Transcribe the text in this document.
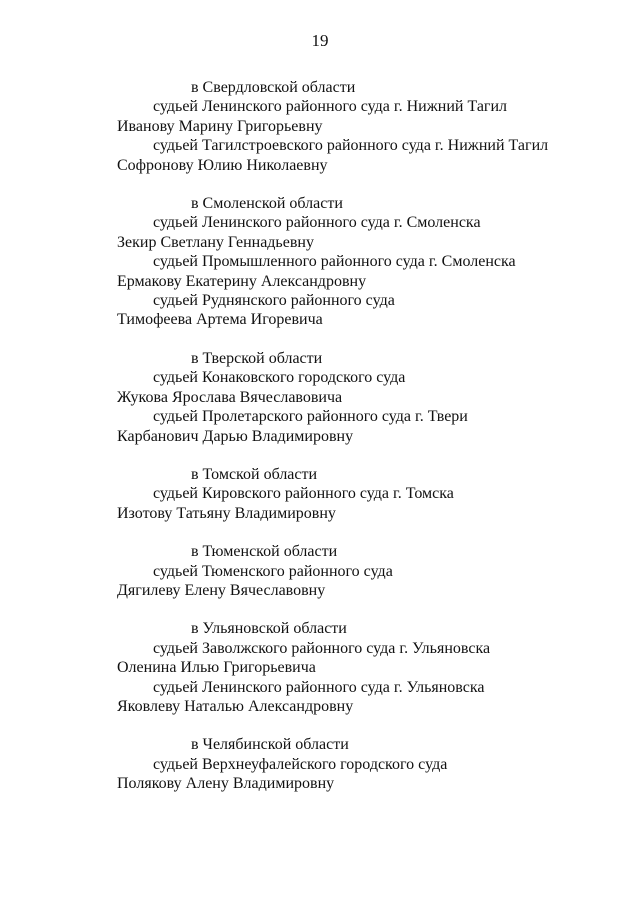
19
в Свердловской области
судьей Ленинского районного суда г. Нижний Тагил
Иванову Марину Григорьевну
судьей Тагилстроевского районного суда г. Нижний Тагил
Софронову Юлию Николаевну
в Смоленской области
судьей Ленинского районного суда г. Смоленска
Зекир Светлану Геннадьевну
судьей Промышленного районного суда г. Смоленска
Ермакову Екатерину Александровну
судьей Руднянского районного суда
Тимофеева Артема Игоревича
в Тверской области
судьей Конаковского городского суда
Жукова Ярослава Вячеславовича
судьей Пролетарского районного суда г. Твери
Карбанович Дарью Владимировну
в Томской области
судьей Кировского районного суда г. Томска
Изотову Татьяну Владимировну
в Тюменской области
судьей Тюменского районного суда
Дягилеву Елену Вячеславовну
в Ульяновской области
судьей Заволжского районного суда г. Ульяновска
Оленина Илью Григорьевича
судьей Ленинского районного суда г. Ульяновска
Яковлеву Наталью Александровну
в Челябинской области
судьей Верхнеуфалейского городского суда
Полякову Алену Владимировну
